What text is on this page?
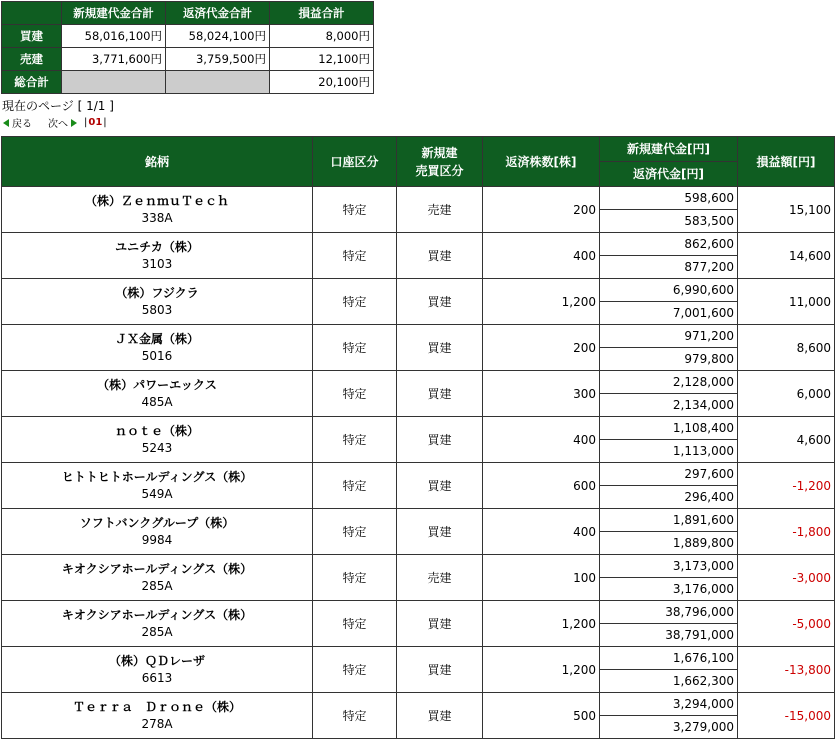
	新規建代金合計	返済代金合計	損益合計
買建	58,016,100円	58,024,100円	8,000円
売建	3,771,600円	3,759,500円	12,100円
総合計			20,100円
現在のページ [ 1/1 ]
戻る 次へ | 01 |
銘柄	口座区分	新規建
売買区分	返済株数[株]	新規建代金[円]	損益額[円]
				返済代金[円]	

（株）ＺｅｎｍｕＴｅｃｈ
338A	特定	売建	200	598,600	15,100
				583,500	

ユニチカ（株）
3103	特定	買建	400	862,600	14,600
				877,200	

（株）フジクラ
5803	特定	買建	1,200	6,990,600	11,000
				7,001,600	

ＪＸ金属（株）
5016	特定	買建	200	971,200	8,600
				979,800	

（株）パワーエックス
485A	特定	買建	300	2,128,000	6,000
				2,134,000	

ｎｏｔｅ（株）
5243	特定	買建	400	1,108,400	4,600
				1,113,000	

ヒトトヒトホールディングス（株）
549A	特定	買建	600	297,600	-1,200
				296,400	

ソフトバンクグループ（株）
9984	特定	買建	400	1,891,600	-1,800
				1,889,800	

キオクシアホールディングス（株）
285A	特定	売建	100	3,173,000	-3,000
				3,176,000	

キオクシアホールディングス（株）
285A	特定	買建	1,200	38,796,000	-5,000
				38,791,000	

（株）ＱＤレーザ
6613	特定	買建	1,200	1,676,100	-13,800
				1,662,300	

Ｔｅｒｒａ　Ｄｒｏｎｅ（株）
278A	特定	買建	500	3,294,000	-15,000
				3,279,000	
